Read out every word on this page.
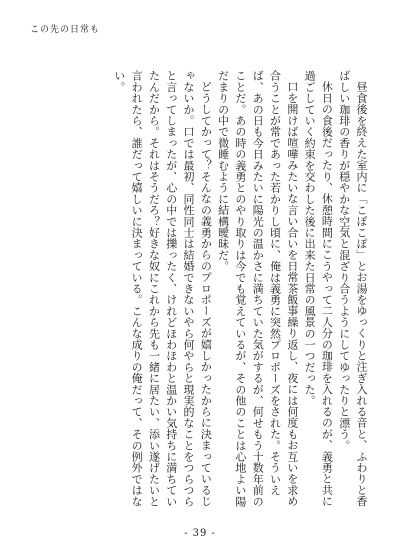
この先の日常も

昼食後を終えた室内に「こぽこぽ」とお湯をゆっくりと注ぎ入れる音と、ふわりと香ばしい珈琲の香りが穏やかな空気と混ざり合うようにしてゆったりと漂う。

休日の食後だったり、休憩時間にこうやって二人分の珈琲を入れるのが、義勇と共に過ごしていく約束を交わした後に出来た日常の風景の一つだった。

口を開けば喧嘩みたいな言い合いを日常茶飯事繰り返し、夜には何度もお互いを求め合うことが常であった若かりし頃に、俺は義勇に突然プロポーズをされた。そういえば、あの日も今日みたいに陽光の温かさに満ちていた気がするが、何せもう十数年前のことだ。あの時の義勇とのやり取りは今でも覚えているが、その他のことは心地よい陽だまりの中で微睡むように結構曖昧だ。

どうしてかって？そんなの義勇からのプロポーズが嬉しかったからに決まっているじゃないか。口では最初、同性同士は結婚できないやら何やらと現実的なことをつらつらと言ってしまったが、心の中では擽ったく、けれどほわほわと温かい気持ちに満ちていたんだから。それはそうだろ？好きな奴にこれから先も一緒に居たい、添い遂げたいと言われたら、誰だって嬉しいに決まっている。こんな成りの俺だって、その例外ではない。

- 39 -
